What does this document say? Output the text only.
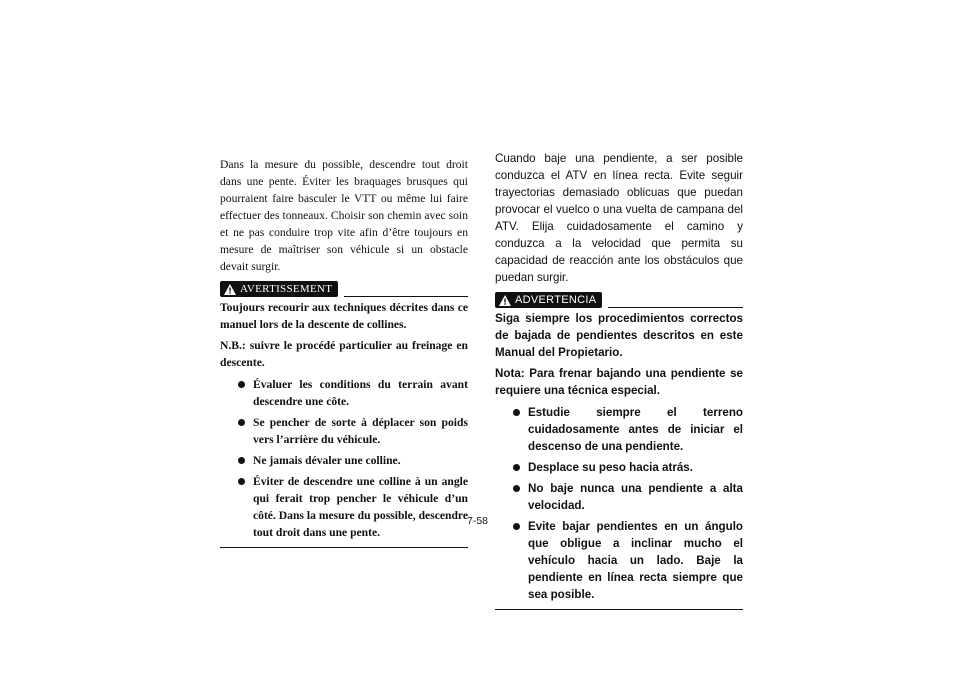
Dans la mesure du possible, descendre tout droit dans une pente. Éviter les braquages brusques qui pourraient faire basculer le VTT ou même lui faire effectuer des tonneaux. Choisir son chemin avec soin et ne pas conduire trop vite afin d’être toujours en mesure de maîtriser son véhicule si un obstacle devait surgir.

AVERTISSEMENT

Toujours recourir aux techniques décrites dans ce manuel lors de la descente de collines.

N.B.: suivre le procédé particulier au freinage en descente.

Évaluer les conditions du terrain avant descendre une côte.
Se pencher de sorte à déplacer son poids vers l’arrière du véhicule.
Ne jamais dévaler une colline.
Éviter de descendre une colline à un angle qui ferait trop pencher le véhicule d’un côté. Dans la mesure du possible, descendre tout droit dans une pente.

Cuando baje una pendiente, a ser posible conduzca el ATV en línea recta. Evite seguir trayectorias demasiado oblicuas que puedan provocar el vuelco o una vuelta de campana del ATV. Elija cuidadosamente el camino y conduzca a la velocidad que permita su capacidad de reacción ante los obstáculos que puedan surgir.

ADVERTENCIA

Siga siempre los procedimientos correctos de bajada de pendientes descritos en este Manual del Propietario.

Nota: Para frenar bajando una pendiente se requiere una técnica especial.

Estudie siempre el terreno cuidadosamente antes de iniciar el descenso de una pendiente.
Desplace su peso hacia atrás.
No baje nunca una pendiente a alta velocidad.
Evite bajar pendientes en un ángulo que obligue a inclinar mucho el vehículo hacia un lado. Baje la pendiente en línea recta siempre que sea posible.
7-58
